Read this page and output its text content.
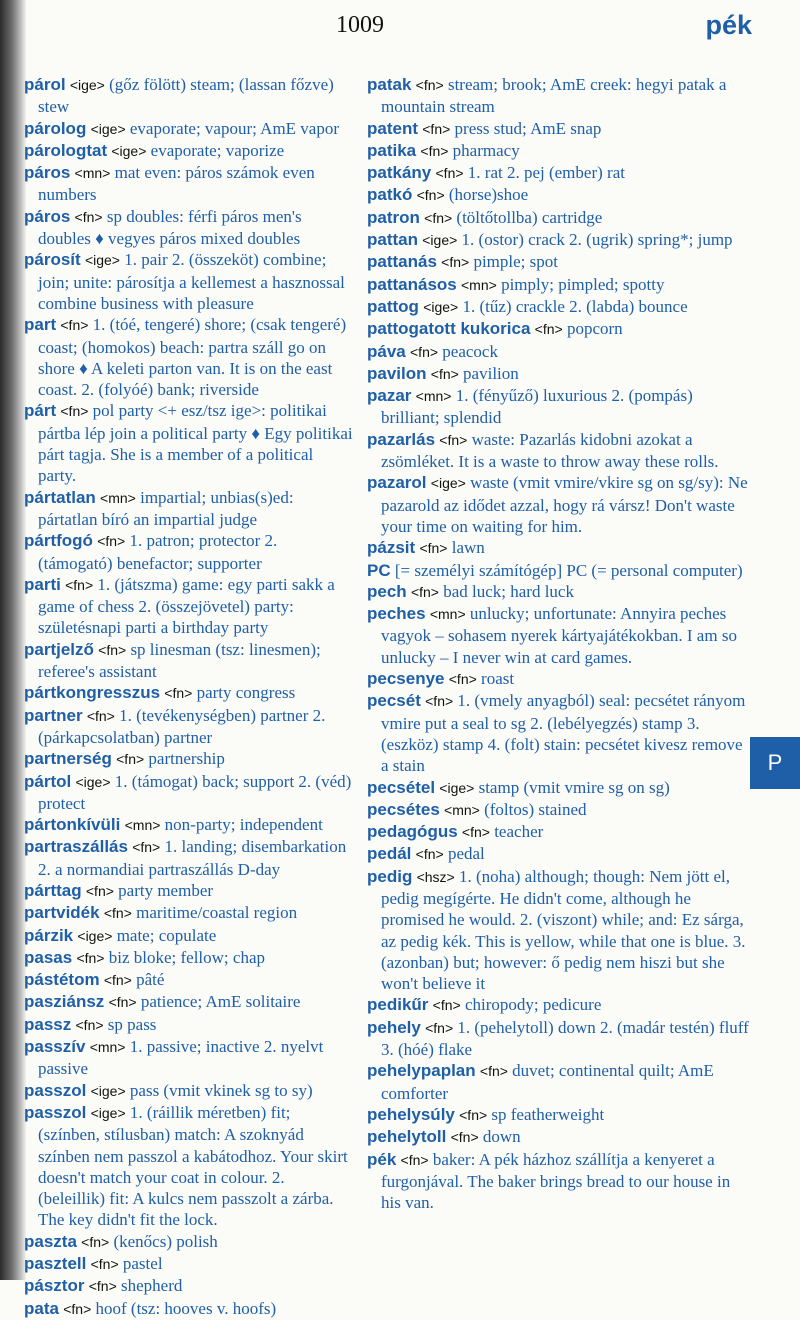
1009	pék
párol <ige> (gőz fölött) steam; (lassan főzve) stew
párolog <ige> evaporate; vapour; AmE vapor
párologtat <ige> evaporate; vaporize
páros <mn> mat even: páros számok even numbers
páros <fn> sp doubles: férfi páros men's doubles ♦ vegyes páros mixed doubles
párosít <ige> 1. pair 2. (összeköt) combine; join; unite: párosítja a kellemest a hasznossal combine business with pleasure
part <fn> 1. (tóé, tengeré) shore; (csak tengeré) coast; (homokos) beach: partra száll go on shore ♦ A keleti parton van. It is on the east coast. 2. (folyóé) bank; riverside
párt <fn> pol party <+ esz/tsz ige>: politikai pártba lép join a political party ♦ Egy politikai párt tagja. She is a member of a political party.
pártatlan <mn> impartial; unbias(s)ed: pártatlan bíró an impartial judge
pártfogó <fn> 1. patron; protector 2. (támogató) benefactor; supporter
parti <fn> 1. (játszma) game: egy parti sakk a game of chess 2. (összejövetel) party: születésnapi parti a birthday party
partjelző <fn> sp linesman (tsz: linesmen); referee's assistant
pártkongresszus <fn> party congress
partner <fn> 1. (tevékenységben) partner 2. (párkapcsolatban) partner
partnerség <fn> partnership
pártol <ige> 1. (támogat) back; support 2. (véd) protect
pártonkívüli <mn> non-party; independent
partraszállás <fn> 1. landing; disembarkation 2. a normandiai partraszállás D-day
párttag <fn> party member
partvidék <fn> maritime/coastal region
párzik <ige> mate; copulate
pasas <fn> biz bloke; fellow; chap
pástétom <fn> pâté
pasziánsz <fn> patience; AmE solitaire
passz <fn> sp pass
passzív <mn> 1. passive; inactive 2. nyelvt passive
passzol <ige> pass (vmit vkinek sg to sy)
passzol <ige> 1. (ráillik méretben) fit; (színben, stílusban) match: A szoknyád színben nem passzol a kabátodhoz. Your skirt doesn't match your coat in colour. 2. (beleillik) fit: A kulcs nem passzolt a zárba. The key didn't fit the lock.
paszta <fn> (kenőcs) polish
pasztell <fn> pastel
pásztor <fn> shepherd
pata <fn> hoof (tsz: hooves v. hoofs)
patak <fn> stream; brook; AmE creek: hegyi patak a mountain stream
patent <fn> press stud; AmE snap
patika <fn> pharmacy
patkány <fn> 1. rat 2. pej (ember) rat
patkó <fn> (horse)shoe
patron <fn> (töltőtollba) cartridge
pattan <ige> 1. (ostor) crack 2. (ugrik) spring*; jump
pattanás <fn> pimple; spot
pattanásos <mn> pimply; pimpled; spotty
pattog <ige> 1. (tűz) crackle 2. (labda) bounce
pattogatott kukorica <fn> popcorn
páva <fn> peacock
pavilon <fn> pavilion
pazar <mn> 1. (fényűző) luxurious 2. (pompás) brilliant; splendid
pazarlás <fn> waste: Pazarlás kidobni azokat a zsömléket. It is a waste to throw away these rolls.
pazarol <ige> waste (vmit vmire/vkire sg on sg/sy): Ne pazarold az idődet azzal, hogy rá vársz! Don't waste your time on waiting for him.
pázsit <fn> lawn
PC [= személyi számítógép] PC (= personal computer)
pech <fn> bad luck; hard luck
peches <mn> unlucky; unfortunate: Annyira peches vagyok – sohasem nyerek kártyajátékokban. I am so unlucky – I never win at card games.
pecsenye <fn> roast
pecsét <fn> 1. (vmely anyagból) seal: pecsétet rányom vmire put a seal to sg 2. (lebélyegzés) stamp 3. (eszköz) stamp 4. (folt) stain: pecsétet kivesz remove a stain
pecsétel <ige> stamp (vmit vmire sg on sg)
pecsétes <mn> (foltos) stained
pedagógus <fn> teacher
pedál <fn> pedal
pedig <hsz> 1. (noha) although; though: Nem jött el, pedig megígérte. He didn't come, although he promised he would. 2. (viszont) while; and: Ez sárga, az pedig kék. This is yellow, while that one is blue. 3. (azonban) but; however: ő pedig nem hiszi but she won't believe it
pedikűr <fn> chiropody; pedicure
pehely <fn> 1. (pehelytoll) down 2. (madár testén) fluff 3. (hóé) flake
pehelypaplan <fn> duvet; continental quilt; AmE comforter
pehelysúly <fn> sp featherweight
pehelytoll <fn> down
pék <fn> baker: A pék házhoz szállítja a kenyeret a furgonjával. The baker brings bread to our house in his van.
P
